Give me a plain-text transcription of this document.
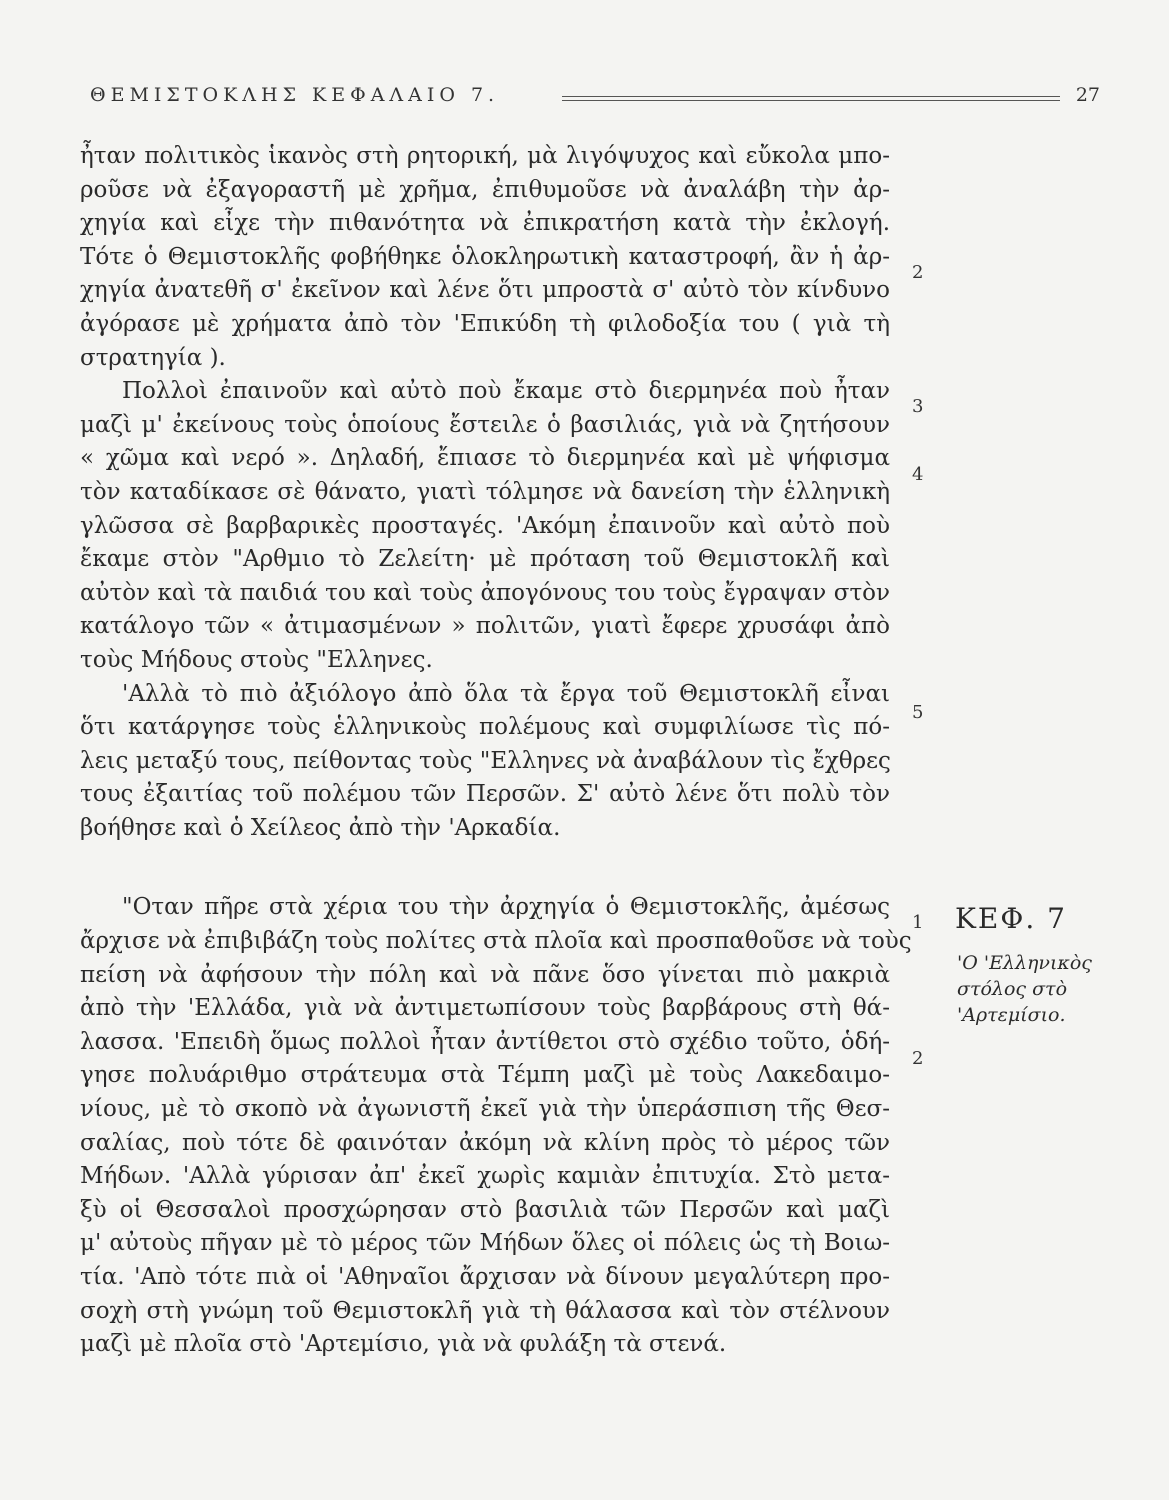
ΘΕΜΙΣΤΟΚΛΗΣ ΚΕΦΑΛΑΙΟ 7.	27
ἦταν πολιτικὸς ἱκανὸς στὴ ρητορική, μὰ λιγόψυχος καὶ εὔκολα μπο-
ροῦσε νὰ ἐξαγοραστῆ μὲ χρῆμα, ἐπιθυμοῦσε νὰ ἀναλάβη τὴν ἀρ-
χηγία καὶ εἶχε τὴν πιθανότητα νὰ ἐπικρατήση κατὰ τὴν ἐκλογή.
Τότε ὁ Θεμιστοκλῆς φοβήθηκε ὁλοκληρωτικὴ καταστροφή, ἂν ἡ ἀρ-
χηγία ἀνατεθῆ σ' ἐκεῖνον καὶ λένε ὅτι μπροστὰ σ' αὐτὸ τὸν κίνδυνο
ἀγόρασε μὲ χρήματα ἀπὸ τὸν 'Επικύδη τὴ φιλοδοξία του ( γιὰ τὴ
στρατηγία ).
Πολλοὶ ἐπαινοῦν καὶ αὐτὸ ποὺ ἔκαμε στὸ διερμηνέα ποὺ ἦταν
μαζὶ μ' ἐκείνους τοὺς ὁποίους ἔστειλε ὁ βασιλιάς, γιὰ νὰ ζητήσουν
« χῶμα καὶ νερό ». Δηλαδή, ἔπιασε τὸ διερμηνέα καὶ μὲ ψήφισμα
τὸν καταδίκασε σὲ θάνατο, γιατὶ τόλμησε νὰ δανείση τὴν ἑλληνικὴ
γλῶσσα σὲ βαρβαρικὲς προσταγές. 'Ακόμη ἐπαινοῦν καὶ αὐτὸ ποὺ
ἔκαμε στὸν "Αρθμιο τὸ Ζελείτη· μὲ πρόταση τοῦ Θεμιστοκλῆ καὶ
αὐτὸν καὶ τὰ παιδιά του καὶ τοὺς ἀπογόνους του τοὺς ἔγραψαν στὸν
κατάλογο τῶν « ἀτιμασμένων » πολιτῶν, γιατὶ ἔφερε χρυσάφι ἀπὸ
τοὺς Μήδους στοὺς "Ελληνες.
'Αλλὰ τὸ πιὸ ἀξιόλογο ἀπὸ ὅλα τὰ ἔργα τοῦ Θεμιστοκλῆ εἶναι
ὅτι κατάργησε τοὺς ἑλληνικοὺς πολέμους καὶ συμφιλίωσε τὶς πό-
λεις μεταξύ τους, πείθοντας τοὺς "Ελληνες νὰ ἀναβάλουν τὶς ἔχθρες
τους ἐξαιτίας τοῦ πολέμου τῶν Περσῶν. Σ' αὐτὸ λένε ὅτι πολὺ τὸν
βοήθησε καὶ ὁ Χείλεος ἀπὸ τὴν 'Αρκαδία.
"Οταν πῆρε στὰ χέρια του τὴν ἀρχηγία ὁ Θεμιστοκλῆς, ἀμέσως
ἄρχισε νὰ ἐπιβιβάζη τοὺς πολίτες στὰ πλοῖα καὶ προσπαθοῦσε νὰ τοὺς
πείση νὰ ἀφήσουν τὴν πόλη καὶ νὰ πᾶνε ὅσο γίνεται πιὸ μακριὰ
ἀπὸ τὴν 'Ελλάδα, γιὰ νὰ ἀντιμετωπίσουν τοὺς βαρβάρους στὴ θά-
λασσα. 'Επειδὴ ὅμως πολλοὶ ἦταν ἀντίθετοι στὸ σχέδιο τοῦτο, ὁδή-
γησε πολυάριθμο στράτευμα στὰ Τέμπη μαζὶ μὲ τοὺς Λακεδαιμο-
νίους, μὲ τὸ σκοπὸ νὰ ἀγωνιστῆ ἐκεῖ γιὰ τὴν ὑπεράσπιση τῆς Θεσ-
σαλίας, ποὺ τότε δὲ φαινόταν ἀκόμη νὰ κλίνη πρὸς τὸ μέρος τῶν
Μήδων. 'Αλλὰ γύρισαν ἀπ' ἐκεῖ χωρὶς καμιὰν ἐπιτυχία. Στὸ μετα-
ξὺ οἱ Θεσσαλοὶ προσχώρησαν στὸ βασιλιὰ τῶν Περσῶν καὶ μαζὶ
μ' αὐτοὺς πῆγαν μὲ τὸ μέρος τῶν Μήδων ὅλες οἱ πόλεις ὡς τὴ Βοιω-
τία. 'Απὸ τότε πιὰ οἱ 'Αθηναῖοι ἄρχισαν νὰ δίνουν μεγαλύτερη προ-
σοχὴ στὴ γνώμη τοῦ Θεμιστοκλῆ γιὰ τὴ θάλασσα καὶ τὸν στέλνουν
μαζὶ μὲ πλοῖα στὸ 'Αρτεμίσιο, γιὰ νὰ φυλάξη τὰ στενά.
2
3
4
5
1
2
ΚΕΦ. 7
'Ο 'Ελληνικὸς
στόλος στὸ
'Αρτεμίσιο.
